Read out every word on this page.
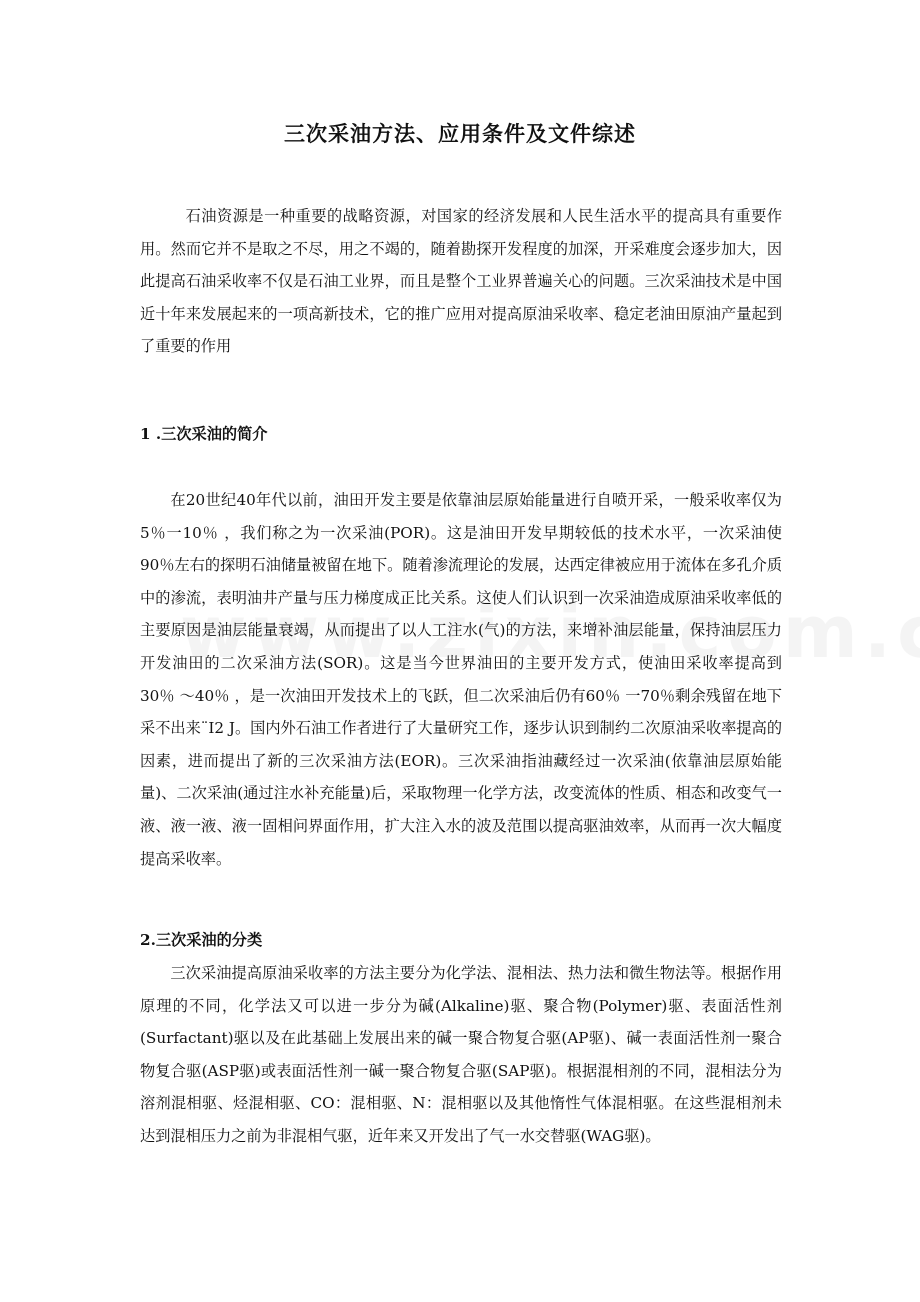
三次采油方法、应用条件及文件综述
石油资源是一种重要的战略资源，对国家的经济发展和人民生活水平的提高具有重要作用。然而它并不是取之不尽，用之不竭的，随着勘探开发程度的加深，开采难度会逐步加大，因此提高石油采收率不仅是石油工业界，而且是整个工业界普遍关心的问题。三次采油技术是中国近十年来发展起来的一项高新技术，它的推广应用对提高原油采收率、稳定老油田原油产量起到了重要的作用
1 .三次采油的简介
在20世纪40年代以前，油田开发主要是依靠油层原始能量进行自喷开采，一般采收率仅为5％一10％ ，我们称之为一次采油(POR)。这是油田开发早期较低的技术水平，一次采油使90％左右的探明石油储量被留在地下。随着渗流理论的发展，达西定律被应用于流体在多孔介质中的渗流，表明油井产量与压力梯度成正比关系。这使人们认识到一次采油造成原油采收率低的主要原因是油层能量衰竭，从而提出了以人工注水(气)的方法，来增补油层能量，保持油层压力开发油田的二次采油方法(SOR)。这是当今世界油田的主要开发方式，使油田采收率提高到30％ ～40％ ，是一次油田开发技术上的飞跃，但二次采油后仍有60％ 一70％剩余残留在地下采不出来¨I2 J。国内外石油工作者进行了大量研究工作，逐步认识到制约二次原油采收率提高的因素，进而提出了新的三次采油方法(EOR)。三次采油指油藏经过一次采油(依靠油层原始能量)、二次采油(通过注水补充能量)后，采取物理一化学方法，改变流体的性质、相态和改变气一液、液一液、液一固相问界面作用，扩大注入水的波及范围以提高驱油效率，从而再一次大幅度提高采收率。
2.三次采油的分类
三次采油提高原油采收率的方法主要分为化学法、混相法、热力法和微生物法等。根据作用原理的不同，化学法又可以进一步分为碱(Alkaline)驱、聚合物(Polymer)驱、表面活性剂(Surfactant)驱以及在此基础上发展出来的碱一聚合物复合驱(AP驱)、碱一表面活性剂一聚合物复合驱(ASP驱)或表面活性剂一碱一聚合物复合驱(SAP驱)。根据混相剂的不同，混相法分为溶剂混相驱、烃混相驱、CO：混相驱、N：混相驱以及其他惰性气体混相驱。在这些混相剂未达到混相压力之前为非混相气驱，近年来又开发出了气一水交替驱(WAG驱)。
